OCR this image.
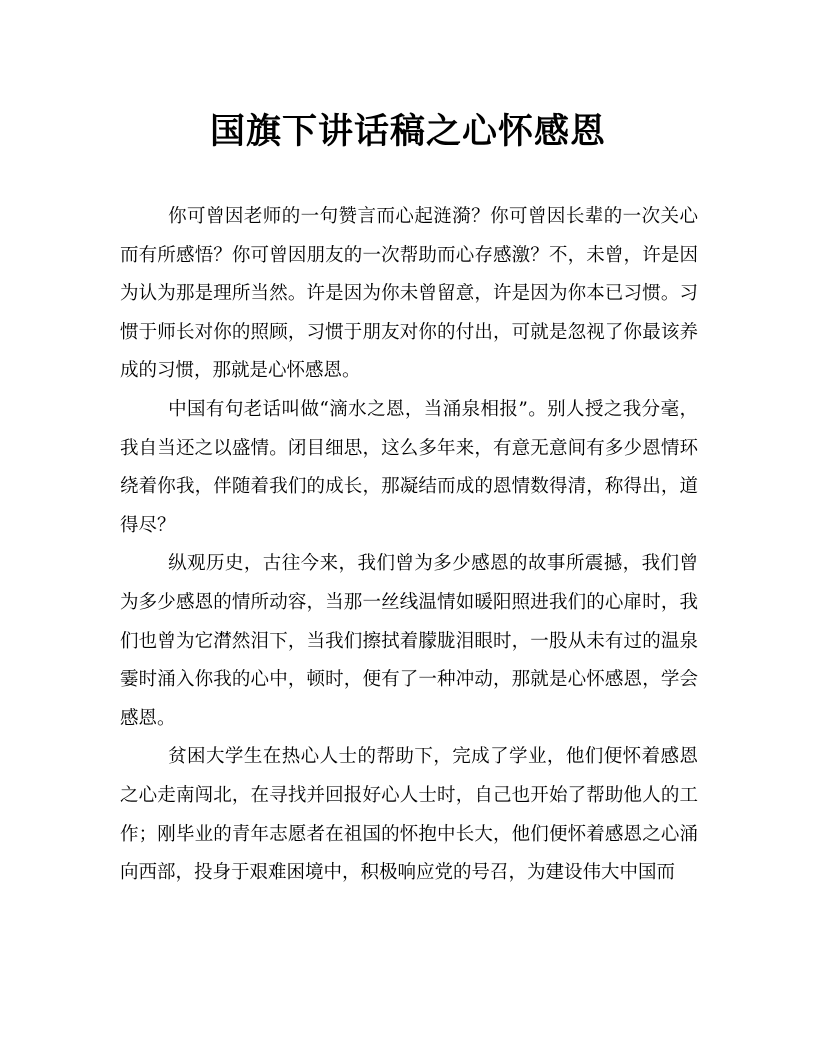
国旗下讲话稿之心怀感恩

你可曾因老师的一句赞言而心起涟漪？你可曾因长辈的一次关心而有所感悟？你可曾因朋友的一次帮助而心存感激？不，未曾，许是因为认为那是理所当然。许是因为你未曾留意，许是因为你本已习惯。习惯于师长对你的照顾，习惯于朋友对你的付出，可就是忽视了你最该养成的习惯，那就是心怀感恩。

中国有句老话叫做“滴水之恩，当涌泉相报”。别人授之我分毫，我自当还之以盛情。闭目细思，这么多年来，有意无意间有多少恩情环绕着你我，伴随着我们的成长，那凝结而成的恩情数得清，称得出，道得尽？

纵观历史，古往今来，我们曾为多少感恩的故事所震撼，我们曾为多少感恩的情所动容，当那一丝线温情如暖阳照进我们的心扉时，我们也曾为它潸然泪下，当我们擦拭着朦胧泪眼时，一股从未有过的温泉霎时涌入你我的心中，顿时，便有了一种冲动，那就是心怀感恩，学会感恩。

贫困大学生在热心人士的帮助下，完成了学业，他们便怀着感恩之心走南闯北，在寻找并回报好心人士时，自己也开始了帮助他人的工作；刚毕业的青年志愿者在祖国的怀抱中长大，他们便怀着感恩之心涌向西部，投身于艰难困境中，积极响应党的号召，为建设伟大中国而
